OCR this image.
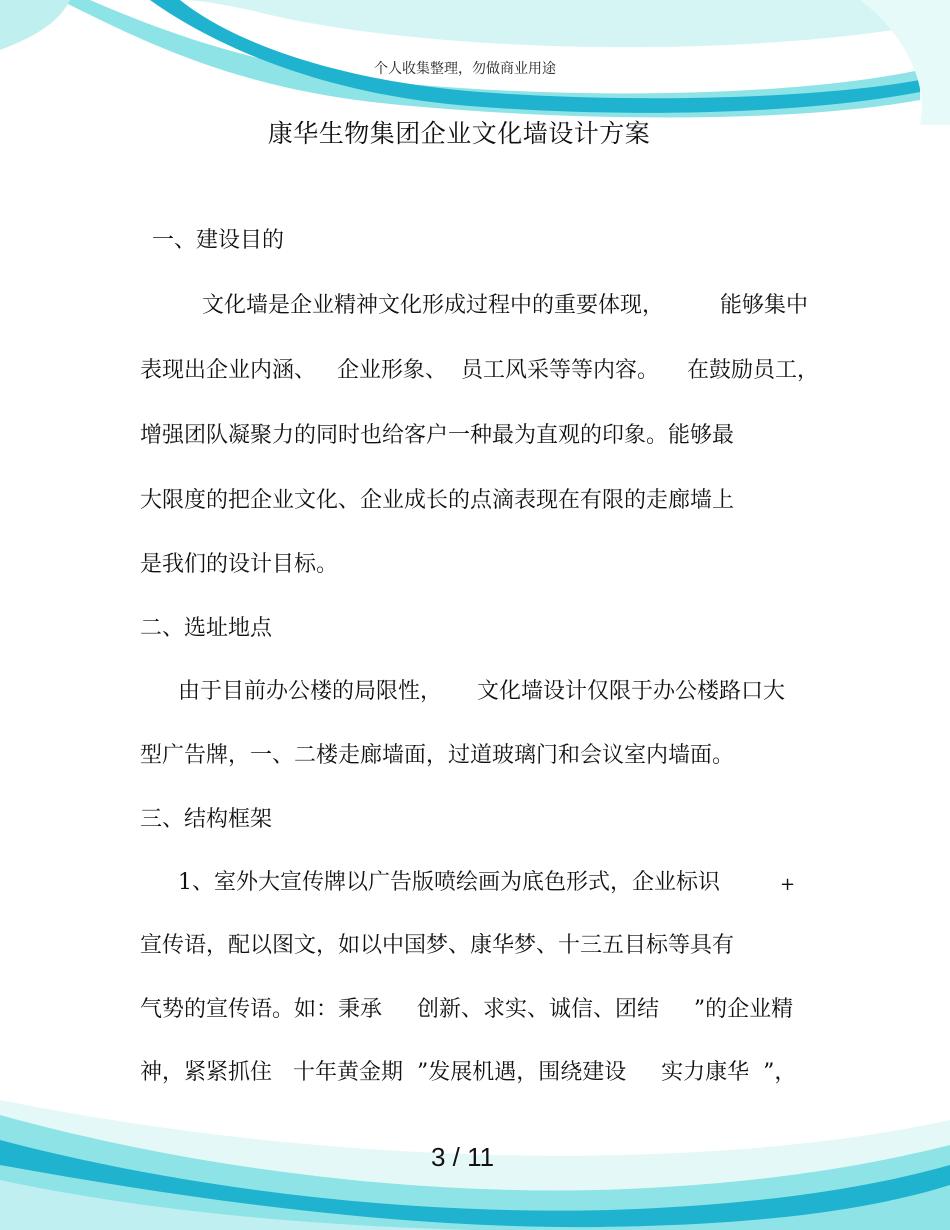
个人收集整理，勿做商业用途
康华生物集团企业文化墙设计方案
一、建设目的
文化墙是企业精神文化形成过程中的重要体现，        能够集中
表现出企业内涵、   企业形象、  员工风采等等内容。    在鼓励员工，
增强团队凝聚力的同时也给客户一种最为直观的印象。能够最
大限度的把企业文化、企业成长的点滴表现在有限的走廊墙上
是我们的设计目标。
二、选址地点
由于目前办公楼的局限性，     文化墙设计仅限于办公楼路口大
型广告牌，一、二楼走廊墙面，过道玻璃门和会议室内墙面。
三、结构框架
1、室外大宣传牌以广告版喷绘画为底色形式，企业标识	+
宣传语，配以图文，如以中国梦、康华梦、十三五目标等具有
气势的宣传语。如：秉承     创新、求实、诚信、团结     ”的企业精
神，紧紧抓住   十年黄金期  ”发展机遇，围绕建设     实力康华  ”，
3 / 11
